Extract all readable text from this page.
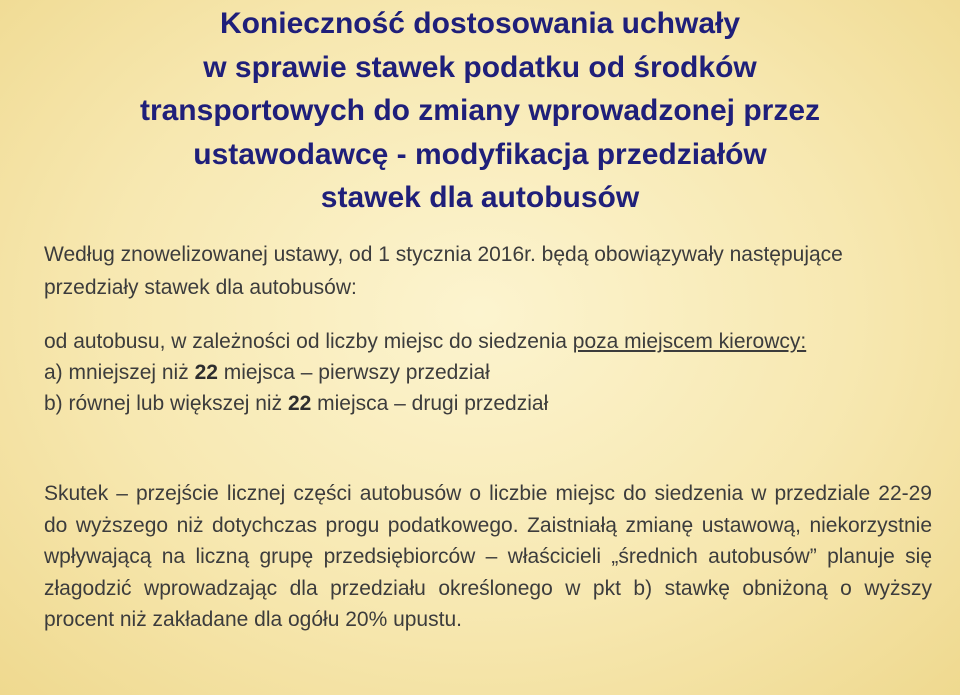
Konieczność dostosowania uchwały
w sprawie stawek podatku od środków
transportowych do zmiany wprowadzonej przez
ustawodawcę - modyfikacja przedziałów
stawek dla autobusów
Według znowelizowanej ustawy, od 1 stycznia 2016r. będą obowiązywały następujące przedziały stawek dla autobusów:
od autobusu, w zależności od liczby miejsc do siedzenia poza miejscem kierowcy:
a) mniejszej niż 22 miejsca – pierwszy przedział
b) równej lub większej niż 22 miejsca – drugi przedział
Skutek – przejście licznej części autobusów o liczbie miejsc do siedzenia w przedziale 22-29 do wyższego niż dotychczas progu podatkowego. Zaistniałą zmianę ustawową, niekorzystnie wpływającą na liczną grupę przedsiębiorców – właścicieli „średnich autobusów” planuje się złagodzić wprowadzając dla przedziału określonego w pkt b) stawkę obniżoną o wyższy procent niż zakładane dla ogółu 20% upustu.
